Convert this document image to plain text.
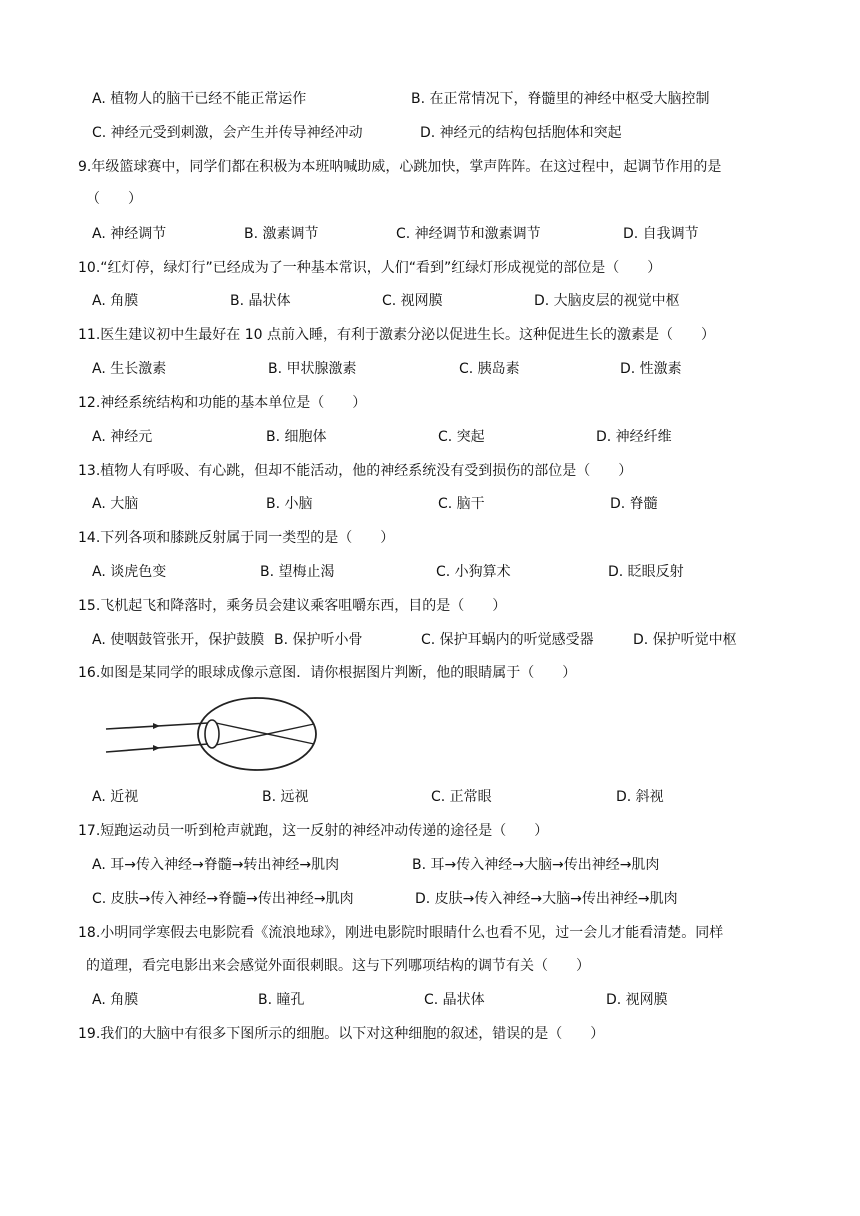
A. 植物人的脑干已经不能正常运作	B. 在正常情况下，脊髓里的神经中枢受大脑控制
C. 神经元受到刺激，会产生并传导神经冲动	D. 神经元的结构包括胞体和突起
9.年级篮球赛中，同学们都在积极为本班呐喊助威，心跳加快，掌声阵阵。在这过程中，起调节作用的是
（　　）
A. 神经调节	B. 激素调节	C. 神经调节和激素调节	D. 自我调节
10.“红灯停，绿灯行”已经成为了一种基本常识，人们“看到”红绿灯形成视觉的部位是（　　）
A. 角膜	B. 晶状体	C. 视网膜	D. 大脑皮层的视觉中枢
11.医生建议初中生最好在 10 点前入睡，有利于激素分泌以促进生长。这种促进生长的激素是（　　）
A. 生长激素	B. 甲状腺激素	C. 胰岛素	D. 性激素
12.神经系统结构和功能的基本单位是（　　）
A. 神经元	B. 细胞体	C. 突起	D. 神经纤维
13.植物人有呼吸、有心跳，但却不能活动，他的神经系统没有受到损伤的部位是（　　）
A. 大脑	B. 小脑	C. 脑干	D. 脊髓
14.下列各项和膝跳反射属于同一类型的是（　　）
A. 谈虎色变	B. 望梅止渴	C. 小狗算术	D. 眨眼反射
15.飞机起飞和降落时，乘务员会建议乘客咀嚼东西，目的是（　　）
A. 使咽鼓管张开，保护鼓膜 B. 保护听小骨	C. 保护耳蜗内的听觉感受器	D. 保护听觉中枢
16.如图是某同学的眼球成像示意图．请你根据图片判断，他的眼睛属于（　　）
A. 近视	B. 远视	C. 正常眼	D. 斜视
17.短跑运动员一听到枪声就跑，这一反射的神经冲动传递的途径是（　　）
A. 耳→传入神经→脊髓→转出神经→肌肉	B. 耳→传入神经→大脑→传出神经→肌肉
C. 皮肤→传入神经→脊髓→传出神经→肌肉	D. 皮肤→传入神经→大脑→传出神经→肌肉
18.小明同学寒假去电影院看《流浪地球》，刚进电影院时眼睛什么也看不见，过一会儿才能看清楚。同样
的道理，看完电影出来会感觉外面很刺眼。这与下列哪项结构的调节有关（　　）
A. 角膜	B. 瞳孔	C. 晶状体	D. 视网膜
19.我们的大脑中有很多下图所示的细胞。以下对这种细胞的叙述，错误的是（　　）
